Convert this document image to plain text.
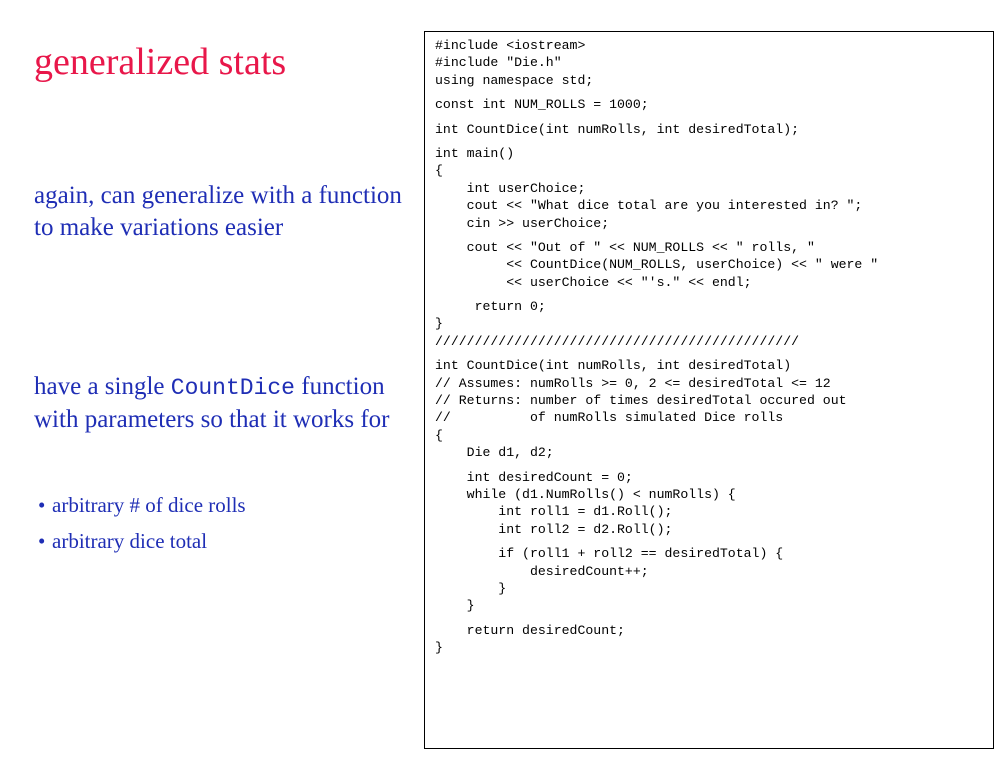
generalized stats
again, can generalize with a function to make variations easier
have a single CountDice function with parameters so that it works for
• arbitrary # of dice rolls
• arbitrary dice total
#include <iostream>
#include "Die.h"
using namespace std;
const int NUM_ROLLS = 1000;
int CountDice(int numRolls, int desiredTotal);
int main()
{
int userChoice;
cout << "What dice total are you interested in? ";
cin >> userChoice;
cout << "Out of " << NUM_ROLLS << " rolls, "
<< CountDice(NUM_ROLLS, userChoice) << " were "
<< userChoice << "'s." << endl;
return 0;
}
//////////////////////////////////////////////
int CountDice(int numRolls, int desiredTotal)
// Assumes: numRolls >= 0, 2 <= desiredTotal <= 12
// Returns: number of times desiredTotal occured out
//          of numRolls simulated Dice rolls
{
Die d1, d2;
int desiredCount = 0;
while (d1.NumRolls() < numRolls) {
int roll1 = d1.Roll();
int roll2 = d2.Roll();
if (roll1 + roll2 == desiredTotal) {
desiredCount++;
}
}
return desiredCount;
}
